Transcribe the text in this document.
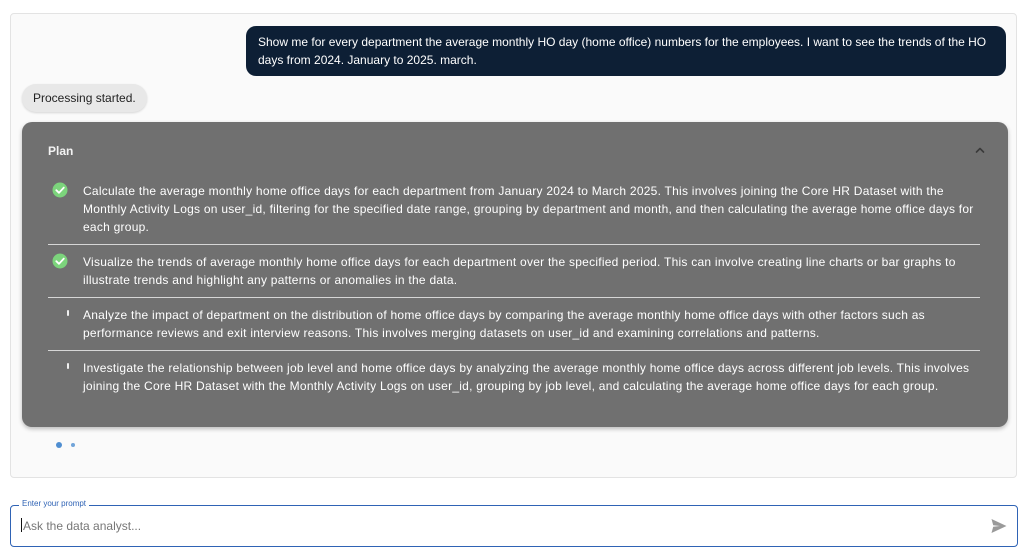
Show me for every department the average monthly HO day (home office) numbers for the employees. I want to see the trends of the HO days from 2024. January to 2025. march.
Processing started.
Plan
Calculate the average monthly home office days for each department from January 2024 to March 2025. This involves joining the Core HR Dataset with the Monthly Activity Logs on user_id, filtering for the specified date range, grouping by department and month, and then calculating the average home office days for each group.
Visualize the trends of average monthly home office days for each department over the specified period. This can involve creating line charts or bar graphs to illustrate trends and highlight any patterns or anomalies in the data.
Analyze the impact of department on the distribution of home office days by comparing the average monthly home office days with other factors such as performance reviews and exit interview reasons. This involves merging datasets on user_id and examining correlations and patterns.
Investigate the relationship between job level and home office days by analyzing the average monthly home office days across different job levels. This involves joining the Core HR Dataset with the Monthly Activity Logs on user_id, grouping by job level, and calculating the average home office days for each group.
Enter your prompt
Ask the data analyst...
